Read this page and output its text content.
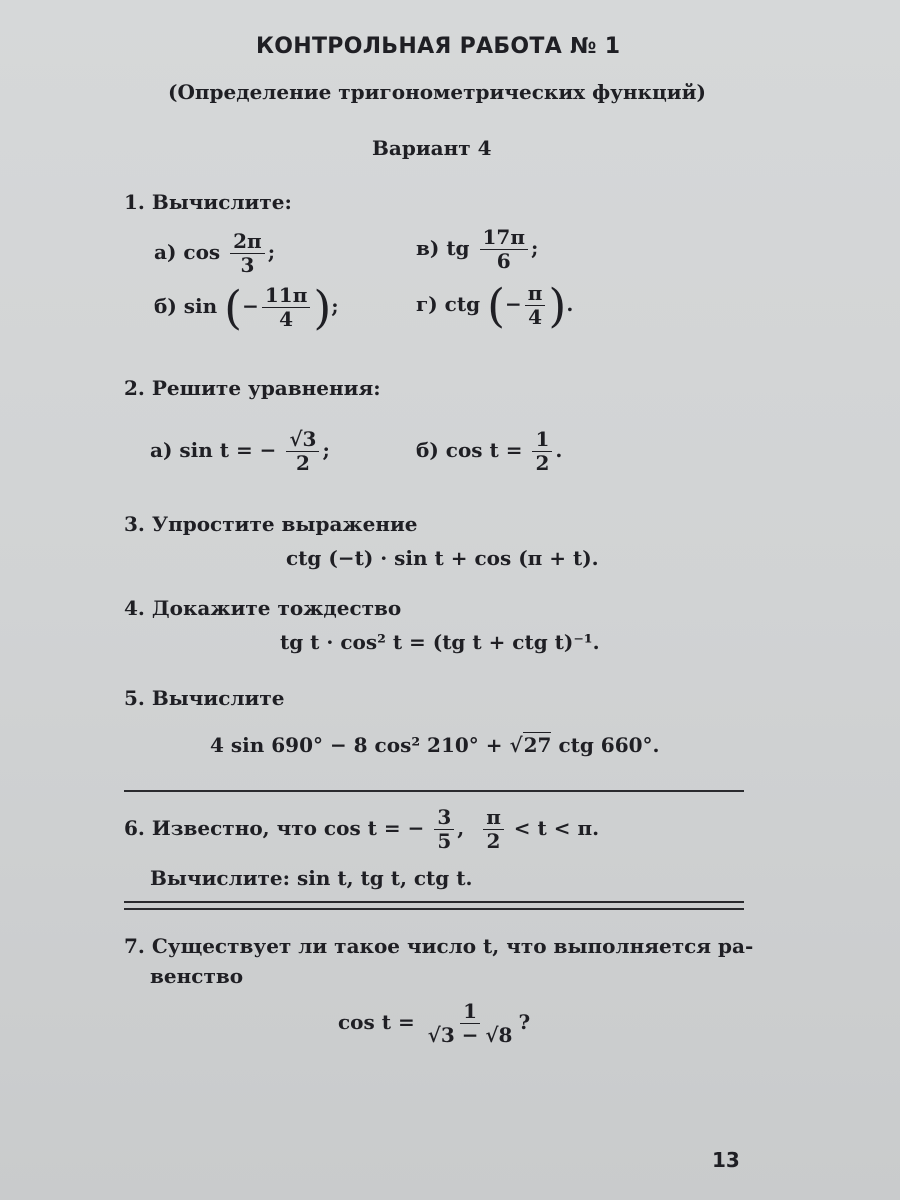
КОНТРОЛЬНАЯ РАБОТА № 1
(Определение тригонометрических функций)
Вариант 4
1. Вычислите:
а) $\cos \frac{2\pi}{3}$ ;	в) tg $\frac{17\pi}{6}$ ;
б) sin (− $\frac{11\pi}{4}$ );	г) ctg (− $\frac{\pi}{4}$ ).
2. Решите уравнения:
а) sin t = − $\frac{√3}{2}$ ;	б) $\cos t = \frac{1}{2}$ .
3. Упростите выражение
ctg (−t) · sin t + cos (π + t).
4. Докажите тождество
tg t · cos² t = (tg t + ctg t)⁻¹.
5. Вычислите
4 sin 690° − 8 cos² 210° + √27 ctg 660°.
6. Известно, что cos t = − $\frac{3}{5}$ , $\frac{\pi}{2} < t < \pi$.
Вычислите: sin t, tg t, ctg t.
7. Существует ли такое число t, что выполняется ра-
венство
$\cos t = \frac{1}{√3 - √8}$ ?
13
